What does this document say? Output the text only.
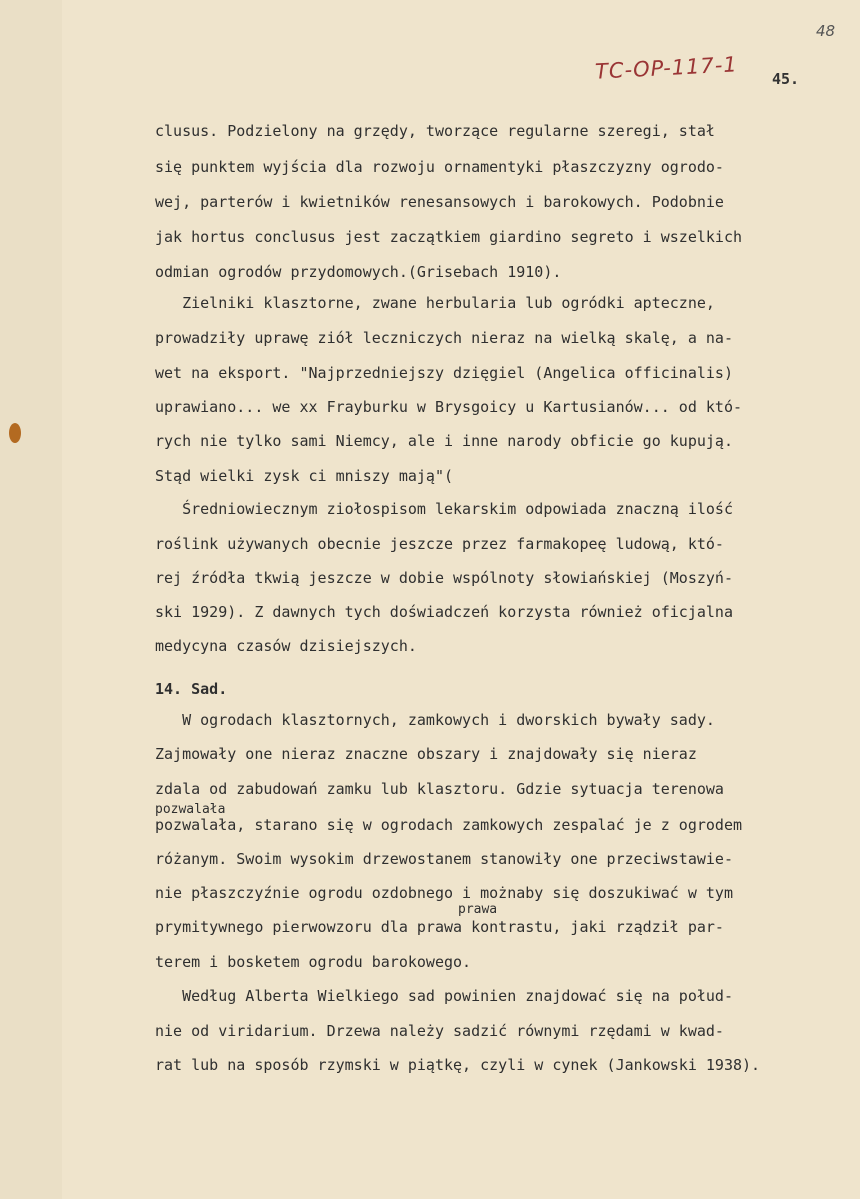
48
TC-OP-117-1 45.

clusus. Podzielony na grzędy, tworzące regularne szeregi, stał

się punktem wyjścia dla rozwoju ornamentyki płaszczyzny ogrodo-

wej, parterów i kwietników renesansowych i barokowych. Podobnie

jak hortus conclusus jest zaczątkiem giardino segreto i wszelkich

odmian ogrodów przydomowych.(Grisebach 1910).

Zielniki klasztorne, zwane herbularia lub ogródki apteczne,

prowadziły uprawę ziół leczniczych nieraz na wielką skalę, a na-

wet na eksport. "Najprzedniejszy dzięgiel (Angelica officinalis)

uprawiano... we xx Frayburku w Brysgoicy u Kartusianów... od któ-

rych nie tylko sami Niemcy, ale i inne narody obficie go kupują.

Stąd wielki zysk ci mniszy mają"(

Średniowiecznym ziołospisom lekarskim odpowiada znaczną ilość

roślink używanych obecnie jeszcze przez farmakopeę ludową, któ-

rej źródła tkwią jeszcze w dobie wspólnoty słowiańskiej (Moszyń-

ski 1929). Z dawnych tych doświadczeń korzysta również oficjalna

medycyna czasów dzisiejszych.

14. Sad.

W ogrodach klasztornych, zamkowych i dworskich bywały sady.

Zajmowały one nieraz znaczne obszary i znajdowały się nieraz

zdala od zabudowań zamku lub klasztoru. Gdzie sytuacja terenowa

pozwalała

pozwalała, starano się w ogrodach zamkowych zespalać je z ogrodem

różanym. Swoim wysokim drzewostanem stanowiły one przeciwstawie-

nie płaszczyźnie ogrodu ozdobnego i możnaby się doszukiwać w tym

prawa

prymitywnego pierwowzoru dla prawa kontrastu, jaki rządził par-

terem i bosketem ogrodu barokowego.

Według Alberta Wielkiego sad powinien znajdować się na połud-

nie od viridarium. Drzewa należy sadzić równymi rzędami w kwad-

rat lub na sposób rzymski w piątkę, czyli w cynek (Jankowski 1938).
